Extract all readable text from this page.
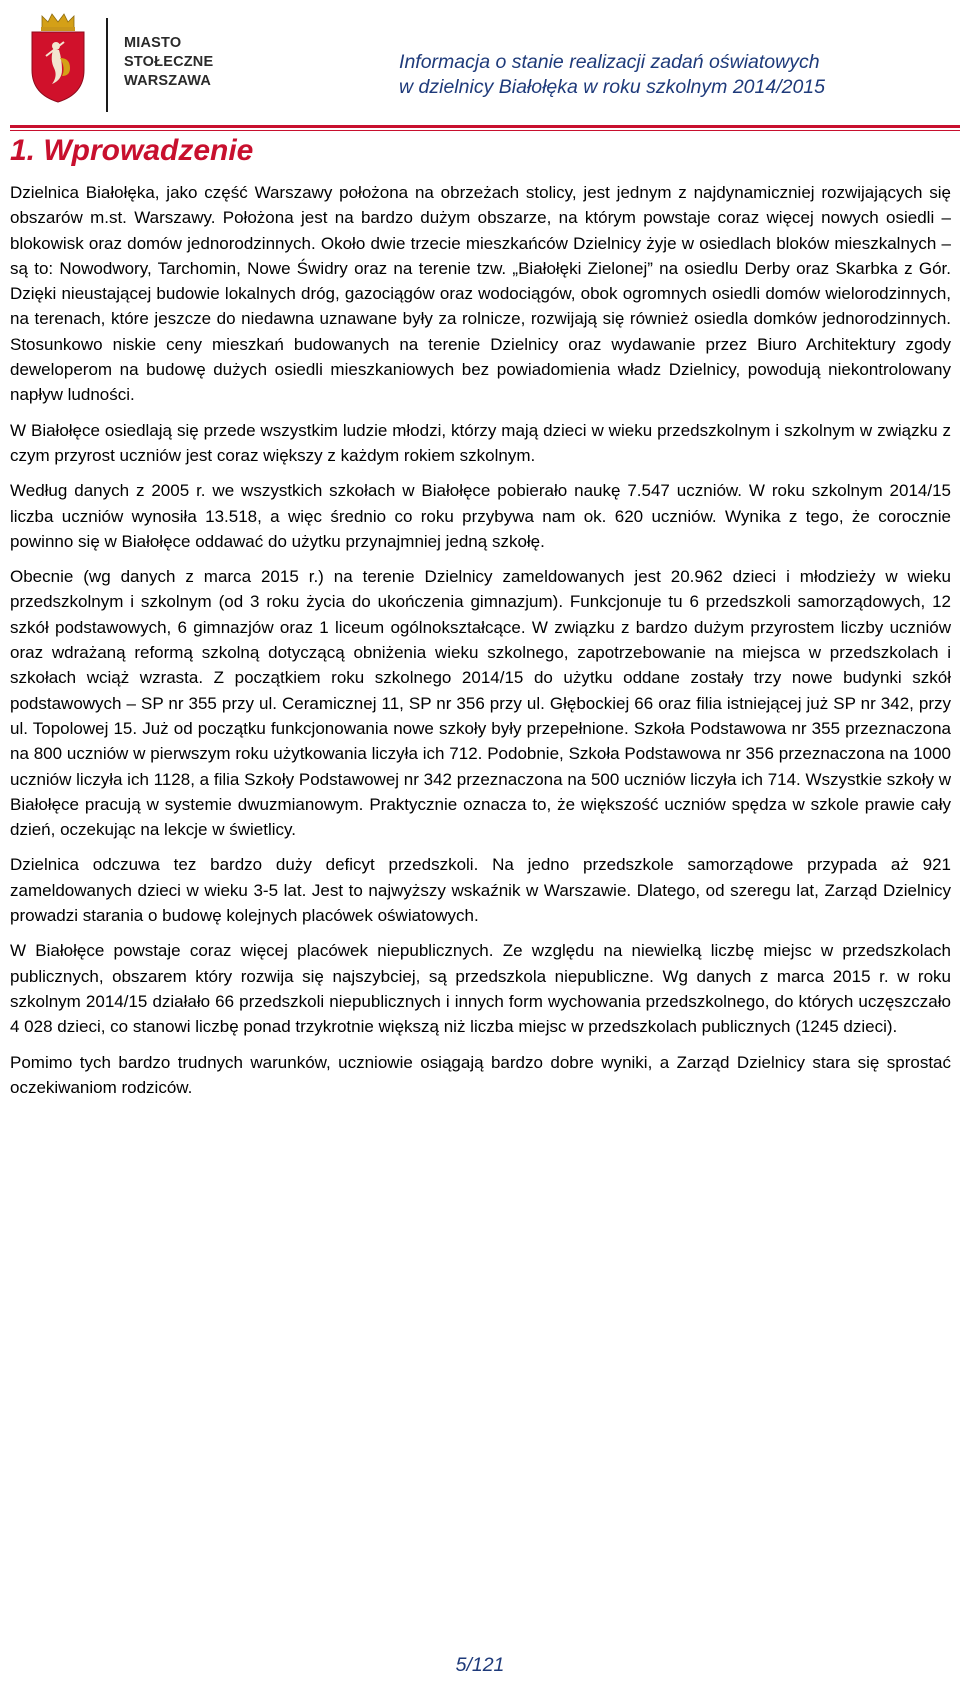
MIASTO
STOŁECZNE
WARSZAWA
Informacja o stanie realizacji zadań oświatowych
w dzielnicy Białołęka w roku szkolnym 2014/2015
1. Wprowadzenie

Dzielnica Białołęka, jako część Warszawy położona na obrzeżach stolicy, jest jednym z najdynamiczniej rozwijających się obszarów m.st. Warszawy. Położona jest na bardzo dużym obszarze, na którym powstaje coraz więcej nowych osiedli – blokowisk oraz domów jednorodzinnych. Około dwie trzecie mieszkańców Dzielnicy żyje w osiedlach bloków mieszkalnych – są to: Nowodwory, Tarchomin, Nowe Świdry oraz na terenie tzw. „Białołęki Zielonej” na osiedlu Derby oraz Skarbka z Gór. Dzięki nieustającej budowie lokalnych dróg, gazociągów oraz wodociągów, obok ogromnych osiedli domów wielorodzinnych, na terenach, które jeszcze do niedawna uznawane były za rolnicze, rozwijają się również osiedla domków jednorodzinnych. Stosunkowo niskie ceny mieszkań budowanych na terenie Dzielnicy oraz wydawanie przez Biuro Architektury zgody deweloperom na budowę dużych osiedli mieszkaniowych bez powiadomienia władz Dzielnicy, powodują niekontrolowany napływ ludności.

W Białołęce osiedlają się przede wszystkim ludzie młodzi, którzy mają dzieci w wieku przedszkolnym i szkolnym w związku z czym przyrost uczniów jest coraz większy z każdym rokiem szkolnym.

Według danych z 2005 r. we wszystkich szkołach w Białołęce pobierało naukę 7.547 uczniów. W roku szkolnym 2014/15 liczba uczniów wynosiła 13.518, a więc średnio co roku przybywa nam ok. 620 uczniów. Wynika z tego, że corocznie powinno się w Białołęce oddawać do użytku przynajmniej jedną szkołę.

Obecnie (wg danych z marca 2015 r.) na terenie Dzielnicy zameldowanych jest 20.962 dzieci i młodzieży w wieku przedszkolnym i szkolnym (od 3 roku życia do ukończenia gimnazjum). Funkcjonuje tu 6 przedszkoli samorządowych, 12 szkół podstawowych, 6 gimnazjów oraz 1 liceum ogólnokształcące. W związku z bardzo dużym przyrostem liczby uczniów oraz wdrażaną reformą szkolną dotyczącą obniżenia wieku szkolnego, zapotrzebowanie na miejsca w przedszkolach i szkołach wciąż wzrasta. Z początkiem roku szkolnego 2014/15 do użytku oddane zostały trzy nowe budynki szkół podstawowych – SP nr 355 przy ul. Ceramicznej 11, SP nr 356 przy ul. Głębockiej 66 oraz filia istniejącej już SP nr 342, przy ul. Topolowej 15. Już od początku funkcjonowania nowe szkoły były przepełnione. Szkoła Podstawowa nr 355 przeznaczona na 800 uczniów w pierwszym roku użytkowania liczyła ich 712. Podobnie, Szkoła Podstawowa nr 356 przeznaczona na 1000 uczniów liczyła ich 1128, a filia Szkoły Podstawowej nr 342 przeznaczona na 500 uczniów liczyła ich 714. Wszystkie szkoły w Białołęce pracują w systemie dwuzmianowym. Praktycznie oznacza to, że większość uczniów spędza w szkole prawie cały dzień, oczekując na lekcje w świetlicy.

Dzielnica odczuwa tez bardzo duży deficyt przedszkoli. Na jedno przedszkole samorządowe przypada aż 921 zameldowanych dzieci w wieku 3-5 lat. Jest to najwyższy wskaźnik w Warszawie. Dlatego, od szeregu lat, Zarząd Dzielnicy prowadzi starania o budowę kolejnych placówek oświatowych.

W Białołęce powstaje coraz więcej placówek niepublicznych. Ze względu na niewielką liczbę miejsc w przedszkolach publicznych, obszarem który rozwija się najszybciej, są przedszkola niepubliczne. Wg danych z marca 2015 r. w roku szkolnym 2014/15 działało 66 przedszkoli niepublicznych i innych form wychowania przedszkolnego, do których uczęszczało 4 028 dzieci, co stanowi liczbę ponad trzykrotnie większą niż liczba miejsc w przedszkolach publicznych (1245 dzieci).

Pomimo tych bardzo trudnych warunków, uczniowie osiągają bardzo dobre wyniki, a Zarząd Dzielnicy stara się sprostać oczekiwaniom rodziców.

5/121
